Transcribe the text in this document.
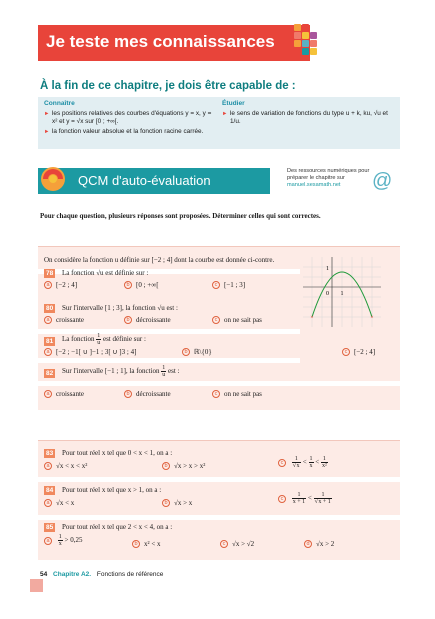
Je teste mes connaissances
À la fin de ce chapitre, je dois être capable de :
Connaître
► les positions relatives des courbes d'équations y = x, y = x² et y = √x sur [0 ; +∞[.
► la fonction valeur absolue et la fonction racine carrée.
Étudier
► le sens de variation de fonctions du type u + k, ku, √u et 1/u.
QCM d'auto-évaluation
Des ressources numériques pour préparer le chapitre sur manuel.sesamath.net	@
Pour chaque question, plusieurs réponses sont proposées. Déterminer celles qui sont correctes.
On considère la fonction u définie sur [−2 ; 4] dont la courbe est donnée ci-contre.
78 La fonction √u est définie sur :
a [−2 ; 4]	b [0 ; +∞[	c [−1 ; 3]
80 Sur l'intervalle [1 ; 3], la fonction √u est :
a croissante	b décroissante	c on ne sait pas
81 La fonction $\frac{1}{u}$ est définie sur :
a [−2 ; −1[ ∪ ]−1 ; 3[ ∪ ]3 ; 4]	b ℝ\{0}	c [−2 ; 4]
82 Sur l'intervalle [−1 ; 1], la fonction $\frac{1}{u}$ est :
a croissante	b décroissante	c on ne sait pas
×	×
1
0 1
83 Pour tout réel x tel que 0 < x < 1, on a :
a √x < x < x²	b √x > x > x²	c $\frac{1}{√x} < \frac{1}{x} < \frac{1}{\text{x²}}$
84 Pour tout réel x tel que x > 1, on a :
a √x < x	b √x > x
c $\frac{1}{x + 1} < \frac{1}{√x + 1}$
85 Pour tout réel x tel que 2 < x < 4, on a :
a $\frac{1}{x} > 0,25$
b x² < x	c √x > √2	d √x > 2
54 Chapitre A2. Fonctions de référence
